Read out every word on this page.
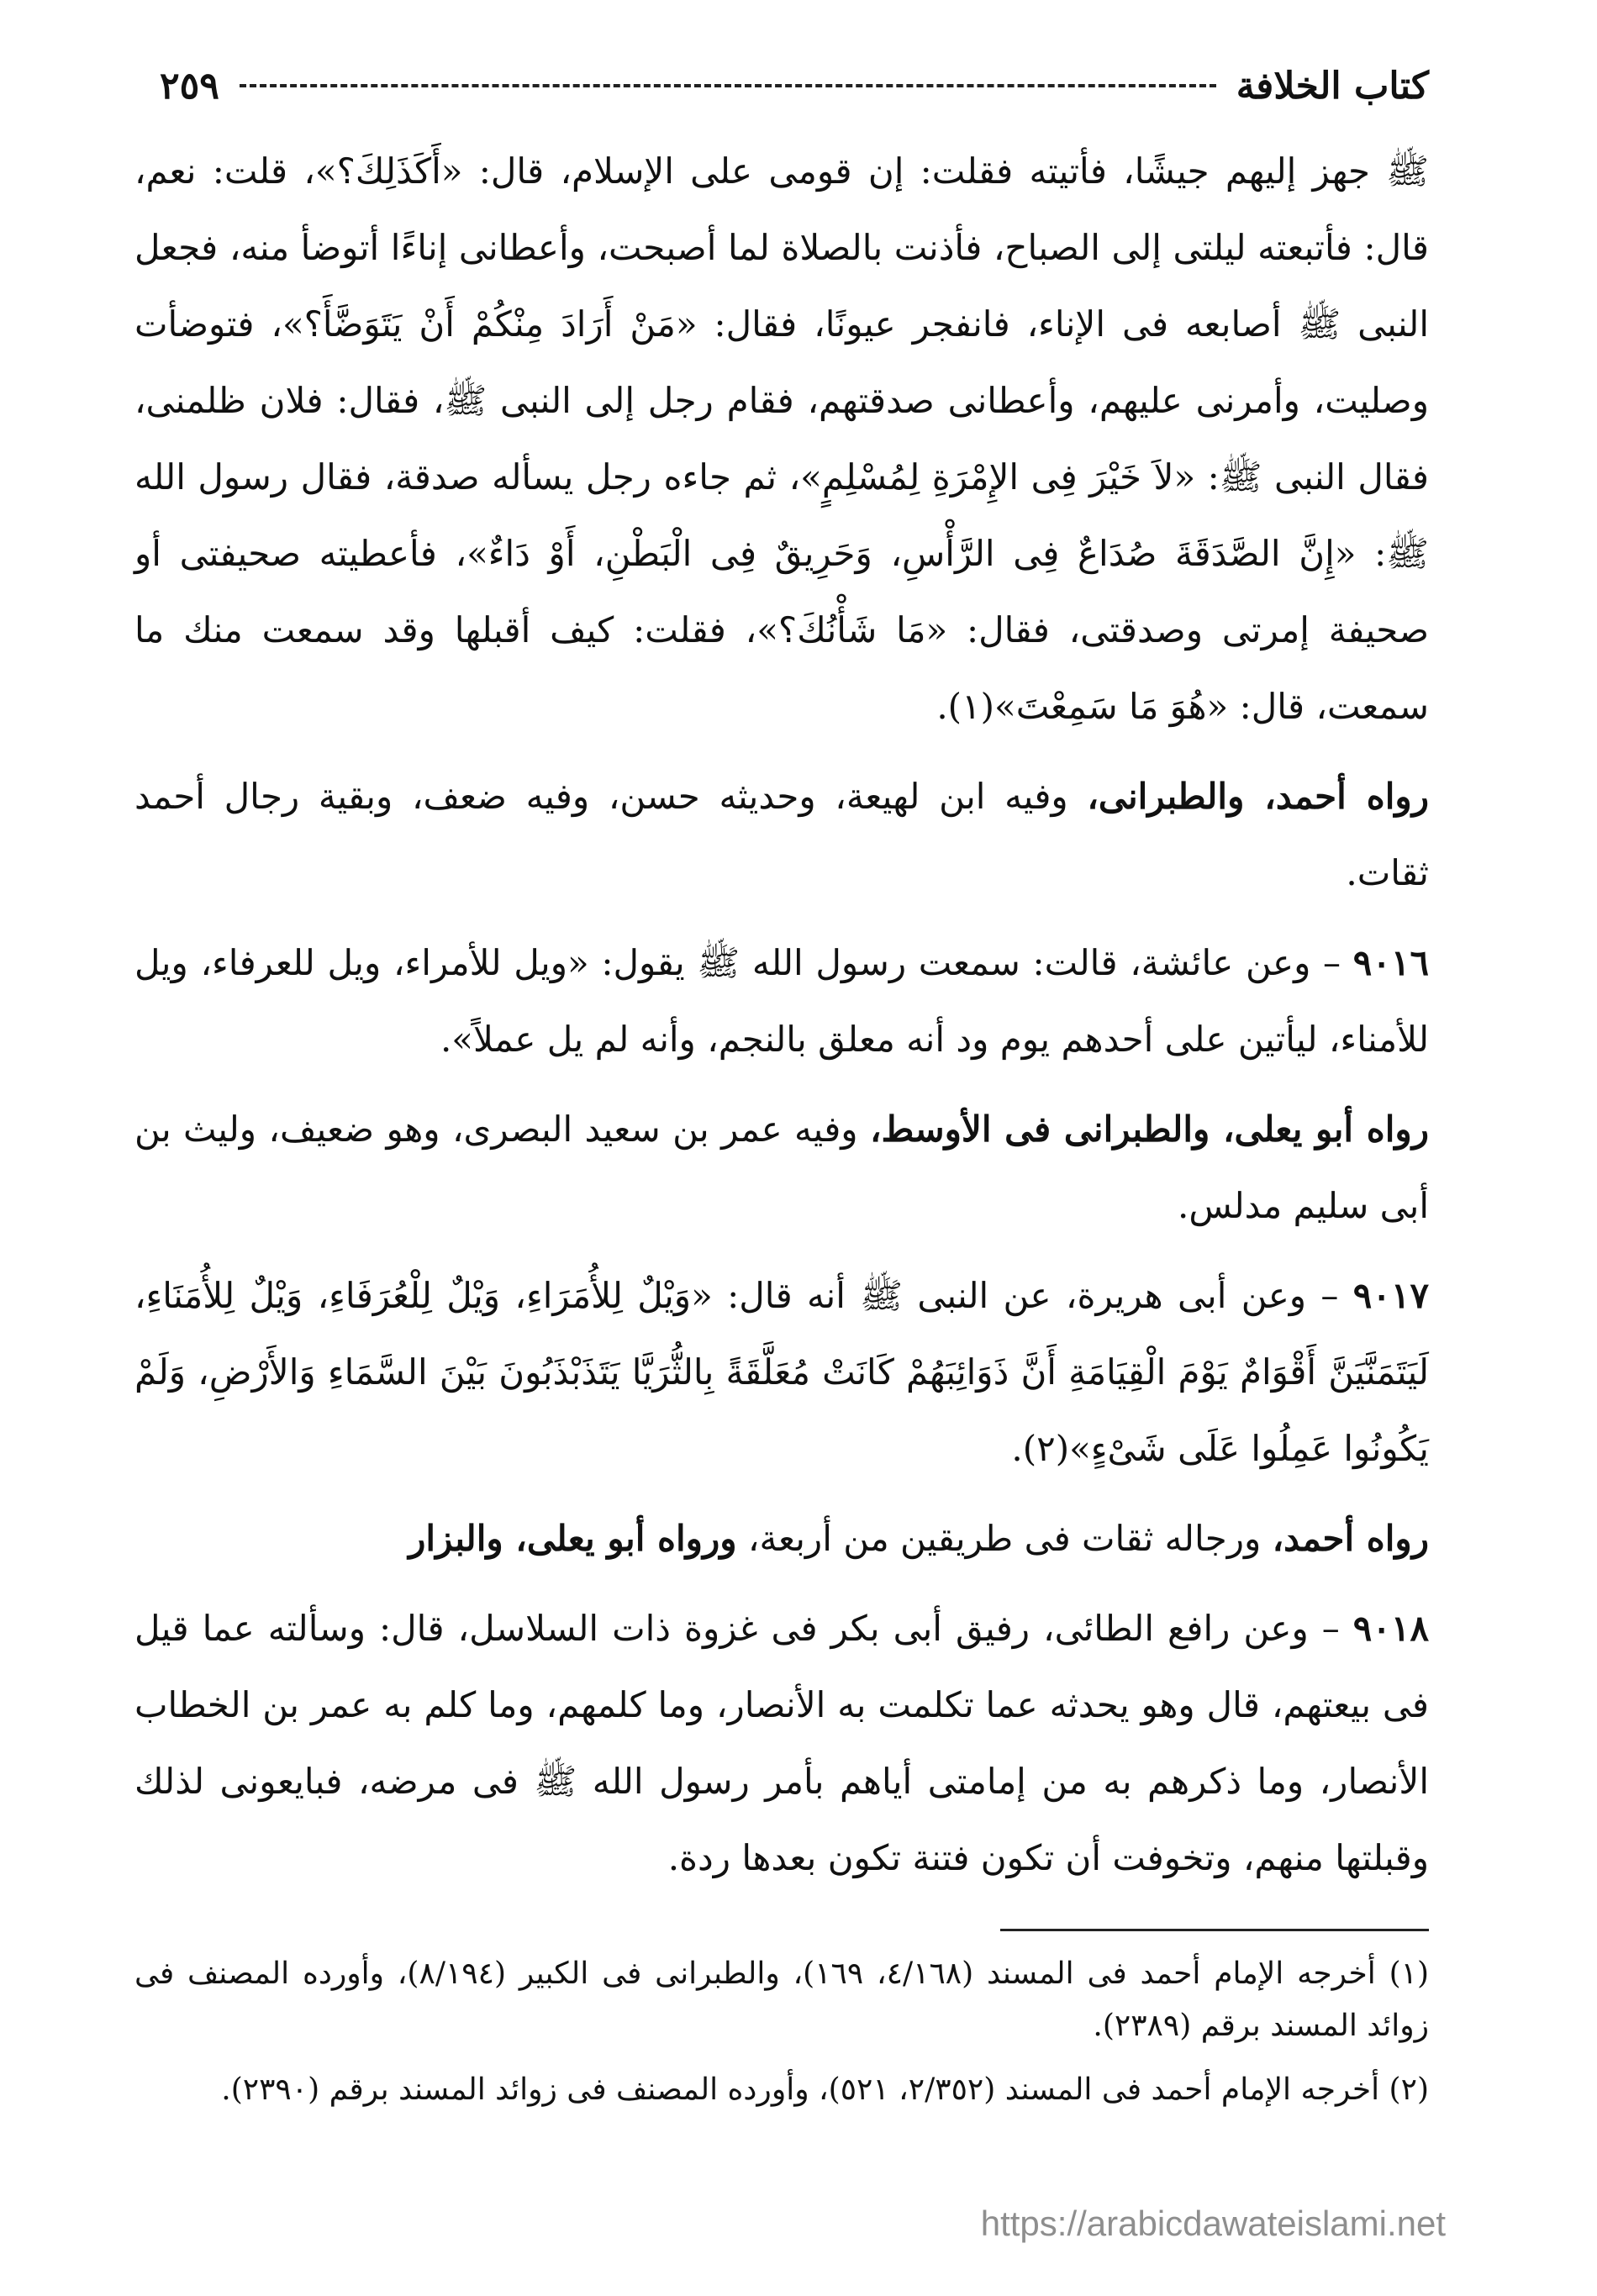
كتاب الخلافة
٢٥٩
ﷺ جهز إليهم جيشًا، فأتيته فقلت: إن قومى على الإسلام، قال: «أَكَذَلِكَ؟»، قلت: نعم، قال: فأتبعته ليلتى إلى الصباح، فأذنت بالصلاة لما أصبحت، وأعطانى إناءًا أتوضأ منه، فجعل النبى ﷺ أصابعه فى الإناء، فانفجر عيونًا، فقال: «مَنْ أَرَادَ مِنْكُمْ أَنْ يَتَوَضَّأَ؟»، فتوضأت وصليت، وأمرنى عليهم، وأعطانى صدقتهم، فقام رجل إلى النبى ﷺ، فقال: فلان ظلمنى، فقال النبى ﷺ: «لاَ خَيْرَ فِى الإِمْرَةِ لِمُسْلِمٍ»، ثم جاءه رجل يسأله صدقة، فقال رسول الله ﷺ: «إِنَّ الصَّدَقَةَ صُدَاعٌ فِى الرَّأْسِ، وَحَرِيقٌ فِى الْبَطْنِ، أَوْ دَاءٌ»، فأعطيته صحيفتى أو صحيفة إمرتى وصدقتى، فقال: «مَا شَأْنُكَ؟»، فقلت: كيف أقبلها وقد سمعت منك ما سمعت، قال: «هُوَ مَا سَمِعْتَ»(١).
رواه أحمد، والطبرانى، وفيه ابن لهيعة، وحديثه حسن، وفيه ضعف، وبقية رجال أحمد ثقات.
٩٠١٦ – وعن عائشة، قالت: سمعت رسول الله ﷺ يقول: «ويل للأمراء، ويل للعرفاء، ويل للأمناء، ليأتين على أحدهم يوم ود أنه معلق بالنجم، وأنه لم يل عملاً».
رواه أبو يعلى، والطبرانى فى الأوسط، وفيه عمر بن سعيد البصرى، وهو ضعيف، وليث بن أبى سليم مدلس.
٩٠١٧ – وعن أبى هريرة، عن النبى ﷺ أنه قال: «وَيْلٌ لِلأُمَرَاءِ، وَيْلٌ لِلْعُرَفَاءِ، وَيْلٌ لِلأُمَنَاءِ، لَيَتَمَنَّيَنَّ أَقْوَامٌ يَوْمَ الْقِيَامَةِ أَنَّ ذَوَائِبَهُمْ كَانَتْ مُعَلَّقَةً بِالثُّرَيَّا يَتَذَبْذَبُونَ بَيْنَ السَّمَاءِ وَالأَرْضِ، وَلَمْ يَكُونُوا عَمِلُوا عَلَى شَىْءٍ»(٢).
رواه أحمد، ورجاله ثقات فى طريقين من أربعة، ورواه أبو يعلى، والبزار
٩٠١٨ – وعن رافع الطائى، رفيق أبى بكر فى غزوة ذات السلاسل، قال: وسألته عما قيل فى بيعتهم، قال وهو يحدثه عما تكلمت به الأنصار، وما كلمهم، وما كلم به عمر بن الخطاب الأنصار، وما ذكرهم به من إمامتى أياهم بأمر رسول الله ﷺ فى مرضه، فبايعونى لذلك وقبلتها منهم، وتخوفت أن تكون فتنة تكون بعدها ردة.
(١) أخرجه الإمام أحمد فى المسند (٤/١٦٨، ١٦٩)، والطبرانى فى الكبير (٨/١٩٤)، وأورده المصنف فى زوائد المسند برقم (٢٣٨٩).
(٢) أخرجه الإمام أحمد فى المسند (٢/٣٥٢، ٥٢١)، وأورده المصنف فى زوائد المسند برقم (٢٣٩٠).
https://arabicdawateislami.net
